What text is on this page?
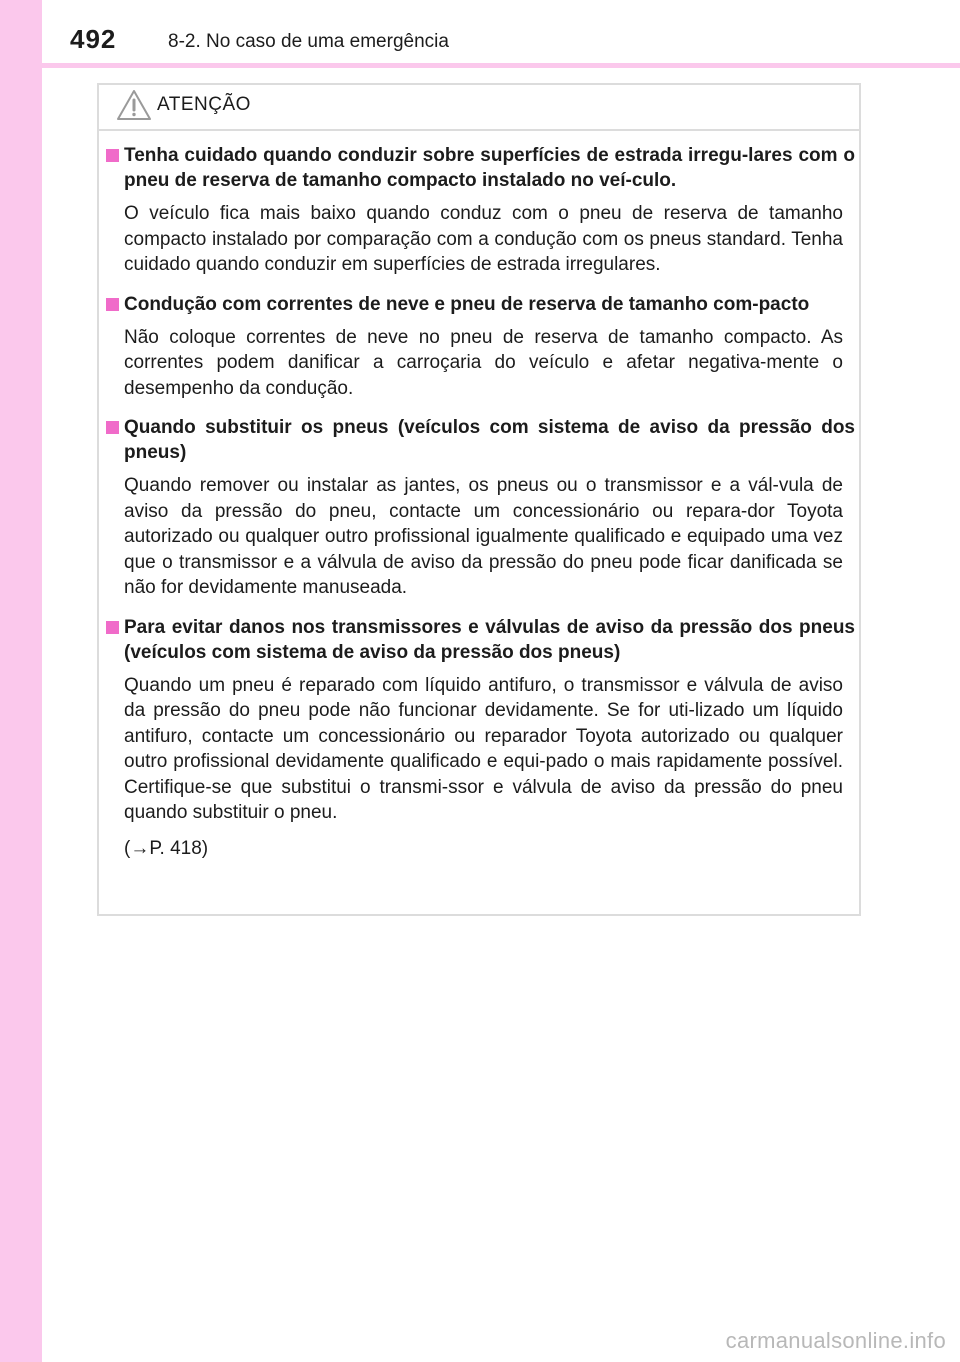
492	8-2. No caso de uma emergência
ATENÇÃO
Tenha cuidado quando conduzir sobre superfícies de estrada irregu-lares com o pneu de reserva de tamanho compacto instalado no veí-culo.
O veículo fica mais baixo quando conduz com o pneu de reserva de tamanho compacto instalado por comparação com a condução com os pneus standard. Tenha cuidado quando conduzir em superfícies de estrada irregulares.
Condução com correntes de neve e pneu de reserva de tamanho com-pacto
Não coloque correntes de neve no pneu de reserva de tamanho compacto. As correntes podem danificar a carroçaria do veículo e afetar negativa-mente o desempenho da condução.
Quando substituir os pneus (veículos com sistema de aviso da pressão dos pneus)
Quando remover ou instalar as jantes, os pneus ou o transmissor e a vál-vula de aviso da pressão do pneu, contacte um concessionário ou repara-dor Toyota autorizado ou qualquer outro profissional igualmente qualificado e equipado uma vez que o transmissor e a válvula de aviso da pressão do pneu pode ficar danificada se não for devidamente manuseada.
Para evitar danos nos transmissores e válvulas de aviso da pressão dos pneus (veículos com sistema de aviso da pressão dos pneus)
Quando um pneu é reparado com líquido antifuro, o transmissor e válvula de aviso da pressão do pneu pode não funcionar devidamente. Se for uti-lizado um líquido antifuro, contacte um concessionário ou reparador Toyota autorizado ou qualquer outro profissional devidamente qualificado e equi-pado o mais rapidamente possível. Certifique-se que substitui o transmi-ssor e válvula de aviso da pressão do pneu quando substituir o pneu.
(→P. 418)
carmanualsonline.info
